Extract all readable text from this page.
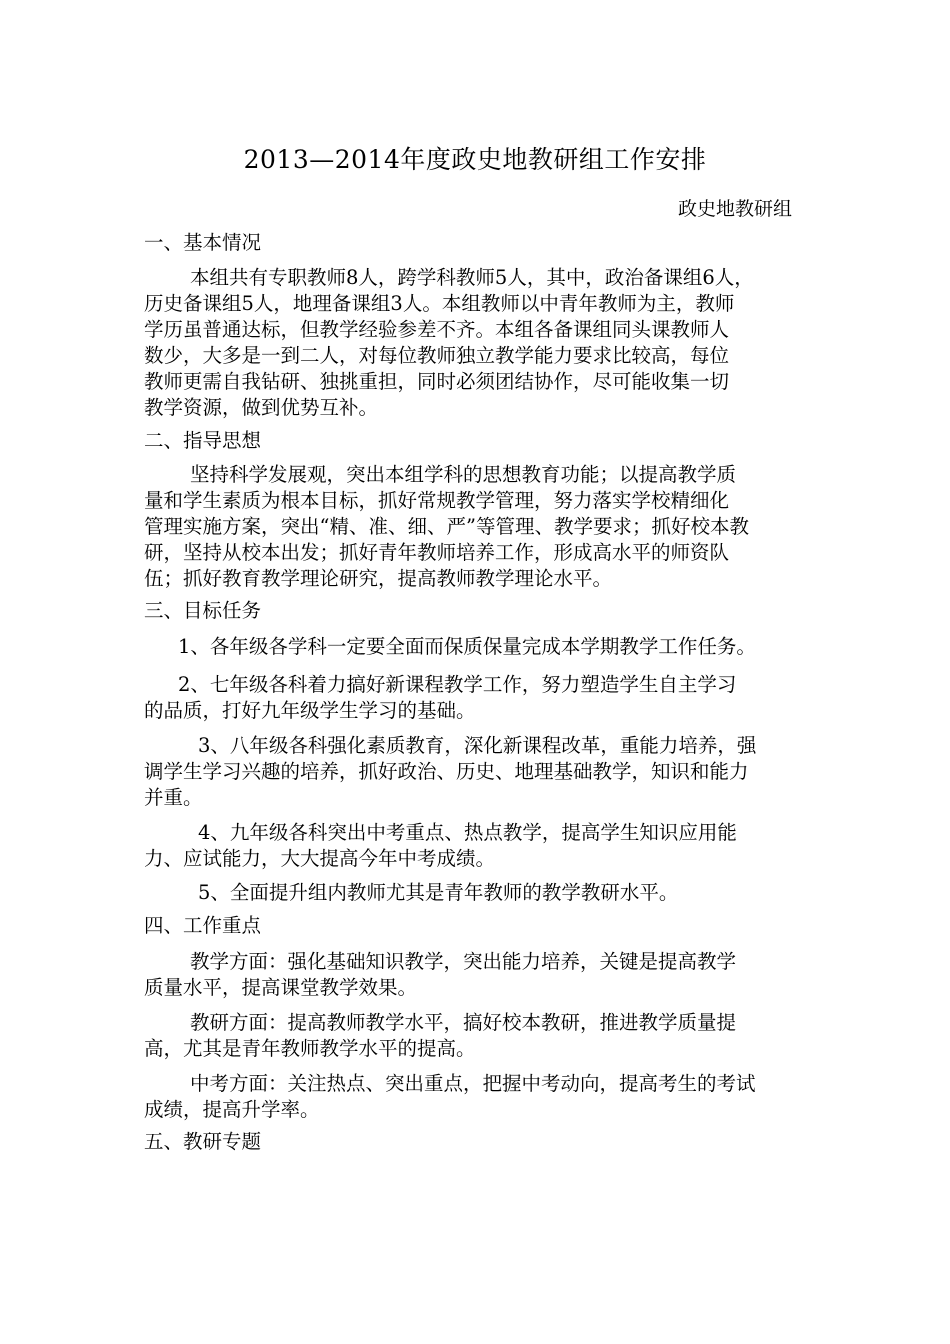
2013—2014年度政史地教研组工作安排
政史地教研组
一、基本情况
本组共有专职教师8人，跨学科教师5人，其中，政治备课组6人，
历史备课组5人，地理备课组3人。本组教师以中青年教师为主，教师
学历虽普通达标，但教学经验参差不齐。本组各备课组同头课教师人
数少，大多是一到二人，对每位教师独立教学能力要求比较高，每位
教师更需自我钻研、独挑重担，同时必须团结协作，尽可能收集一切
教学资源，做到优势互补。
二、指导思想
坚持科学发展观，突出本组学科的思想教育功能；以提高教学质
量和学生素质为根本目标，抓好常规教学管理，努力落实学校精细化
管理实施方案，突出“精、准、细、严”等管理、教学要求；抓好校本教
研，坚持从校本出发；抓好青年教师培养工作，形成高水平的师资队
伍；抓好教育教学理论研究，提高教师教学理论水平。
三、目标任务
1、各年级各学科一定要全面而保质保量完成本学期教学工作任务。
2、七年级各科着力搞好新课程教学工作，努力塑造学生自主学习
的品质，打好九年级学生学习的基础。
3、八年级各科强化素质教育，深化新课程改革，重能力培养，强
调学生学习兴趣的培养，抓好政治、历史、地理基础教学，知识和能力
并重。
4、九年级各科突出中考重点、热点教学，提高学生知识应用能
力、应试能力，大大提高今年中考成绩。
5、全面提升组内教师尤其是青年教师的教学教研水平。
四、工作重点
教学方面：强化基础知识教学，突出能力培养，关键是提高教学
质量水平，提高课堂教学效果。
教研方面：提高教师教学水平，搞好校本教研，推进教学质量提
高，尤其是青年教师教学水平的提高。
中考方面：关注热点、突出重点，把握中考动向，提高考生的考试
成绩，提高升学率。
五、教研专题
